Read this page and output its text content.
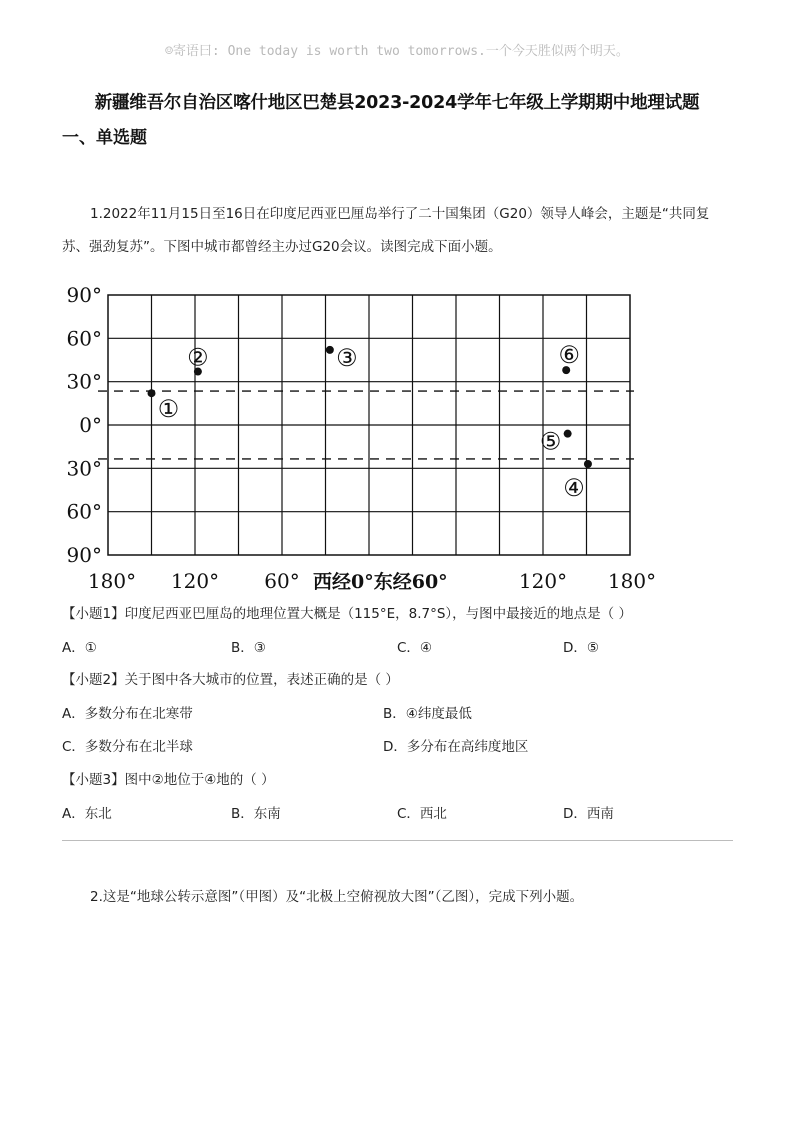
☺寄语曰: One today is worth two tomorrows.一个今天胜似两个明天。
新疆维吾尔自治区喀什地区巴楚县2023-2024学年七年级上学期期中地理试题
一、单选题
1.2022年11月15日至16日在印度尼西亚巴厘岛举行了二十国集团（G20）领导人峰会，主题是“共同复
苏、强劲复苏”。下图中城市都曾经主办过G20会议。读图完成下面小题。
90°
60°
30°
0°
30°
60°
90°
180° 120° 60° 西经0°东经60°	120° 180°
①
②	③
④
⑤
⑥
【小题1】印度尼西亚巴厘岛的地理位置大概是（115°E，8.7°S），与图中最接近的地点是（ ）
A．①	B．③	C．④	D．⑤
【小题2】关于图中各大城市的位置，表述正确的是（ ）
A．多数分布在北寒带	B．④纬度最低
C．多数分布在北半球	D．多分布在高纬度地区
【小题3】图中②地位于④地的（ ）
A．东北	B．东南	C．西北	D．西南
2.这是“地球公转示意图”（甲图）及“北极上空俯视放大图”（乙图），完成下列小题。
